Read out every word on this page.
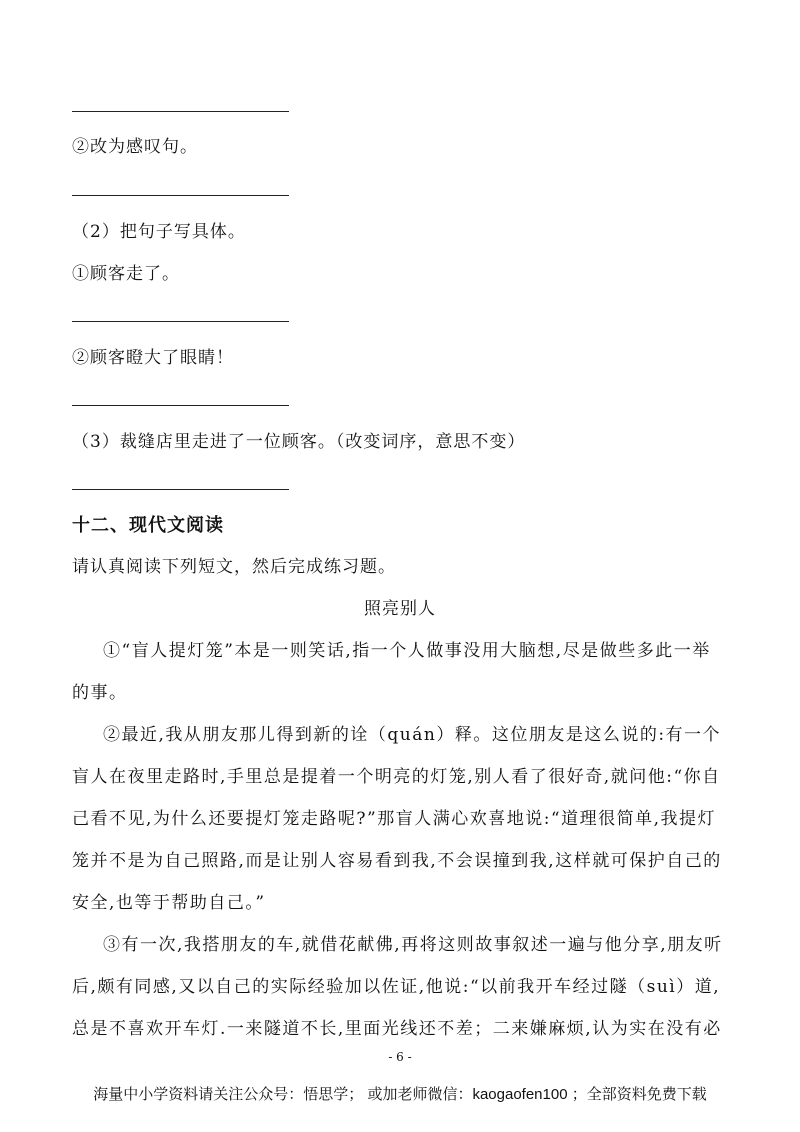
②改为感叹句。
（2）把句子写具体。
①顾客走了。
②顾客瞪大了眼睛！
（3）裁缝店里走进了一位顾客。（改变词序，意思不变）
十二、现代文阅读
请认真阅读下列短文，然后完成练习题。
照亮别人
①“盲人提灯笼”本是一则笑话,指一个人做事没用大脑想,尽是做些多此一举
的事。
②最近,我从朋友那儿得到新的诠（quán）释。这位朋友是这么说的:有一个
盲人在夜里走路时,手里总是提着一个明亮的灯笼,别人看了很好奇,就问他:“你自
己看不见,为什么还要提灯笼走路呢?”那盲人满心欢喜地说:“道理很简单,我提灯
笼并不是为自己照路,而是让别人容易看到我,不会误撞到我,这样就可保护自己的
安全,也等于帮助自己。”
③有一次,我搭朋友的车,就借花献佛,再将这则故事叙述一遍与他分享,朋友听
后,颇有同感,又以自己的实际经验加以佐证,他说:“以前我开车经过隧（suì）道,
总是不喜欢开车灯.一来隧道不长,里面光线还不差；二来嫌麻烦,认为实在没有必
- 6 -
海量中小学资料请关注公众号：悟思学； 或加老师微信：kaogaofen100 ；全部资料免费下载
